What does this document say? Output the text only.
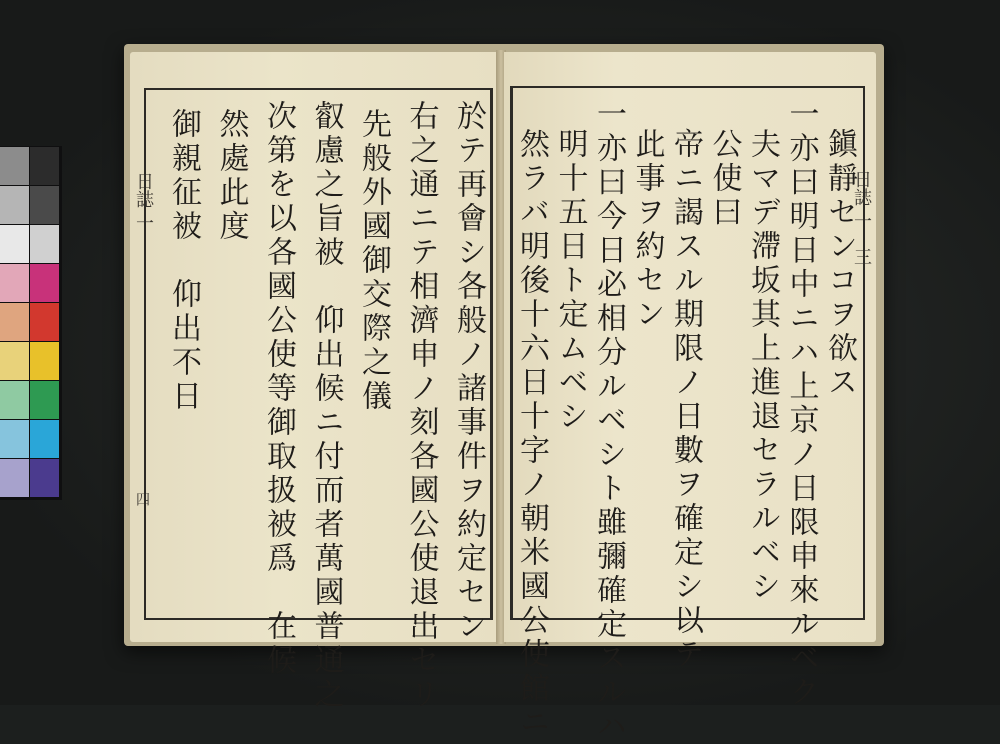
日誌 一
四	於テ再會シ各般ノ諸事件ヲ約定セン
右之通ニテ相濟申ノ刻各國公使退出セリ
先般外國御交際之儀
叡慮之旨被　仰出候ニ付而者萬國普通之
次第を以各國公使等御取扱被爲　在候
然處此度
御親征被　仰出不日	日誌 一　三
鎭靜センコヲ欲ス
一亦曰明日中ニハ上京ノ日限申來ルベク
夫マデ滯坂其上進退セラルベシ
公使曰
帝ニ謁スル期限ノ日數ヲ確定シ以テ
此事ヲ約セン
一亦曰今日必相分ルベシト雖彌確定スルハ
明十五日ト定ムベシ
然ラバ明後十六日十字ノ朝米國公使館ニ
